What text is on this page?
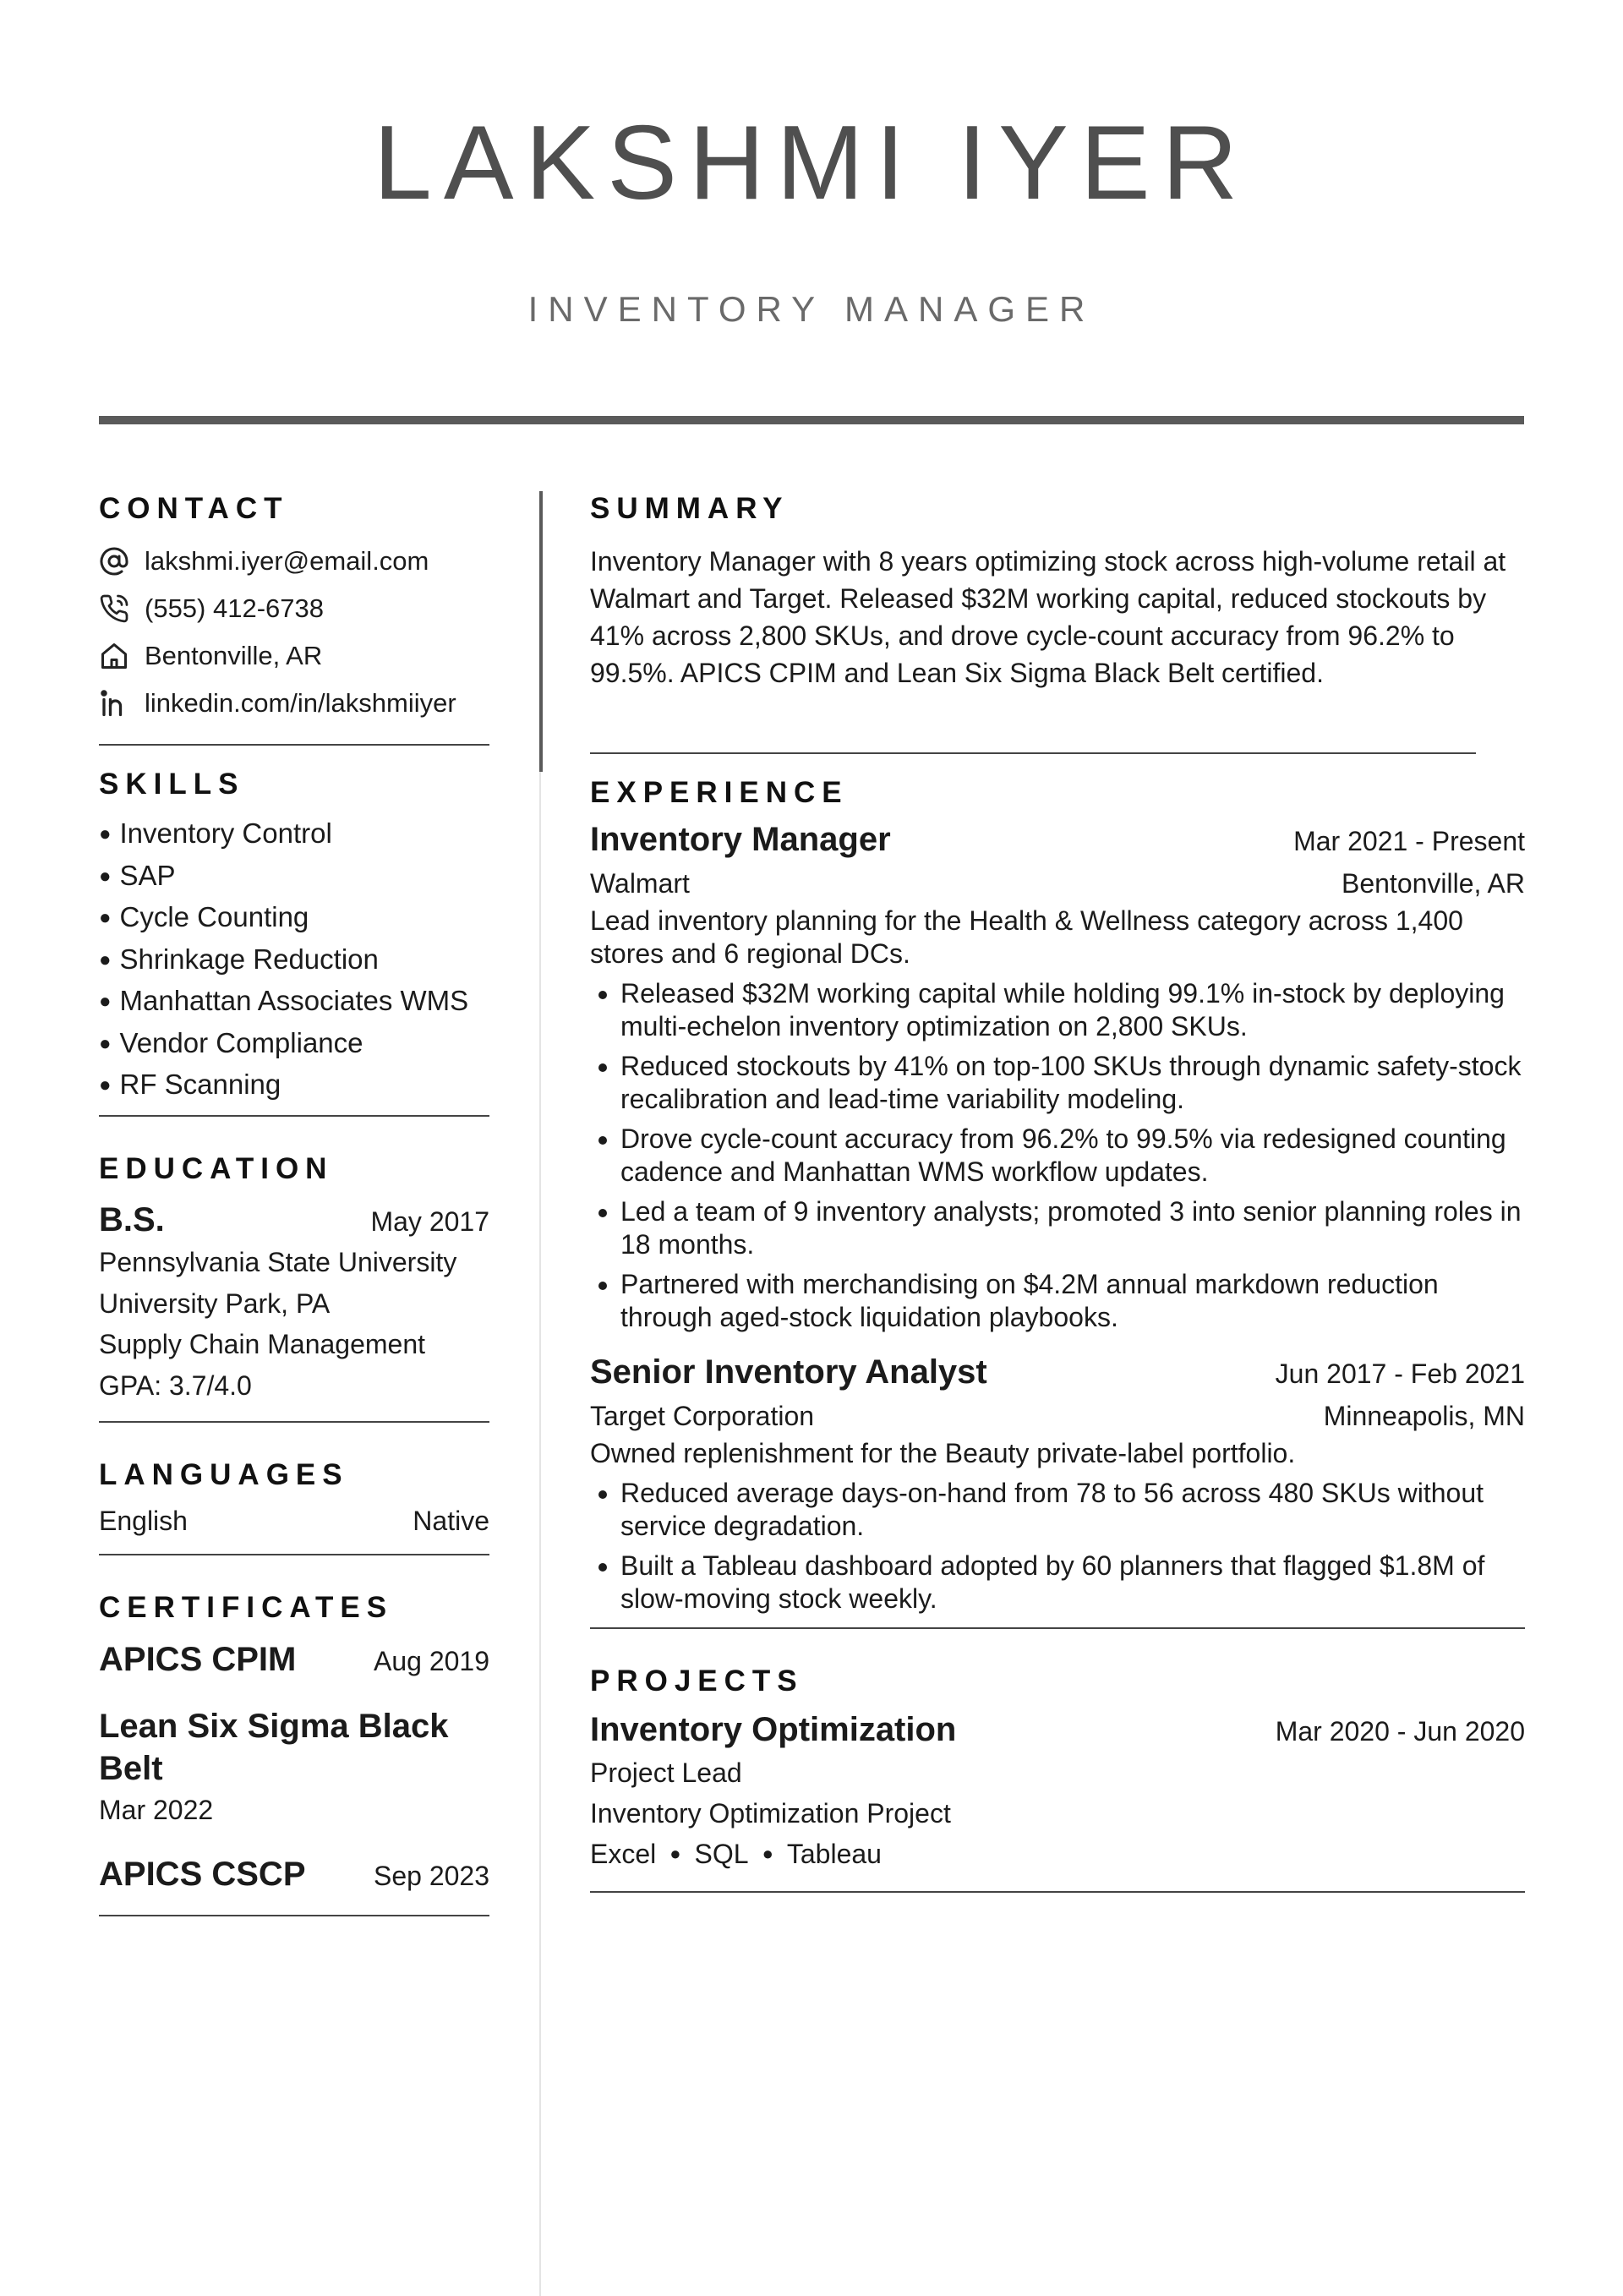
LAKSHMI IYER
INVENTORY MANAGER
CONTACT
lakshmi.iyer@email.com
(555) 412-6738
Bentonville, AR
linkedin.com/in/lakshmiiyer
SKILLS
● Inventory Control
● SAP
● Cycle Counting
● Shrinkage Reduction
● Manhattan Associates WMS
● Vendor Compliance
● RF Scanning
EDUCATION
B.S.	May 2017
Pennsylvania State University
University Park, PA
Supply Chain Management
GPA: 3.7/4.0
LANGUAGES
English	Native
CERTIFICATES
APICS CPIM	Aug 2019
Lean Six Sigma Black Belt
Mar 2022
APICS CSCP	Sep 2023
SUMMARY
Inventory Manager with 8 years optimizing stock across high-volume retail at Walmart and Target. Released $32M working capital, reduced stockouts by 41% across 2,800 SKUs, and drove cycle-count accuracy from 96.2% to 99.5%. APICS CPIM and Lean Six Sigma Black Belt certified.
EXPERIENCE
Inventory Manager	Mar 2021 - Present
Walmart	Bentonville, AR
Lead inventory planning for the Health & Wellness category across 1,400 stores and 6 regional DCs.
• Released $32M working capital while holding 99.1% in-stock by deploying multi-echelon inventory optimization on 2,800 SKUs.
• Reduced stockouts by 41% on top-100 SKUs through dynamic safety-stock recalibration and lead-time variability modeling.
• Drove cycle-count accuracy from 96.2% to 99.5% via redesigned counting cadence and Manhattan WMS workflow updates.
• Led a team of 9 inventory analysts; promoted 3 into senior planning roles in 18 months.
• Partnered with merchandising on $4.2M annual markdown reduction through aged-stock liquidation playbooks.
Senior Inventory Analyst	Jun 2017 - Feb 2021
Target Corporation	Minneapolis, MN
Owned replenishment for the Beauty private-label portfolio.
• Reduced average days-on-hand from 78 to 56 across 480 SKUs without service degradation.
• Built a Tableau dashboard adopted by 60 planners that flagged $1.8M of slow-moving stock weekly.
PROJECTS
Inventory Optimization	Mar 2020 - Jun 2020
Project Lead
Inventory Optimization Project
Excel ● SQL ● Tableau
